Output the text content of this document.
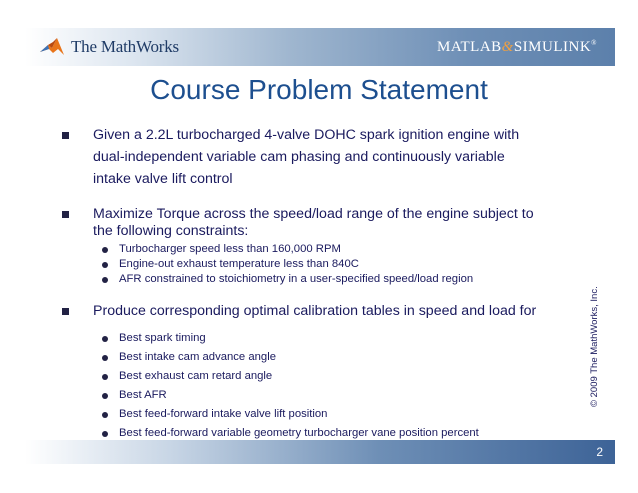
The MathWorks	MATLAB&SIMULINK®
Course Problem Statement
Given a 2.2L turbocharged 4-valve DOHC spark ignition engine with
dual-independent variable cam phasing and continuously variable
intake valve lift control
Maximize Torque across the speed/load range of the engine subject to
the following constraints:
Turbocharger speed less than 160,000 RPM
Engine-out exhaust temperature less than 840C
AFR constrained to stoichiometry in a user-specified speed/load region
Produce corresponding optimal calibration tables in speed and load for
Best spark timing
Best intake cam advance angle
Best exhaust cam retard angle
Best AFR
Best feed-forward intake valve lift position
Best feed-forward variable geometry turbocharger vane position percent
© 2009 The MathWorks, Inc.
2
